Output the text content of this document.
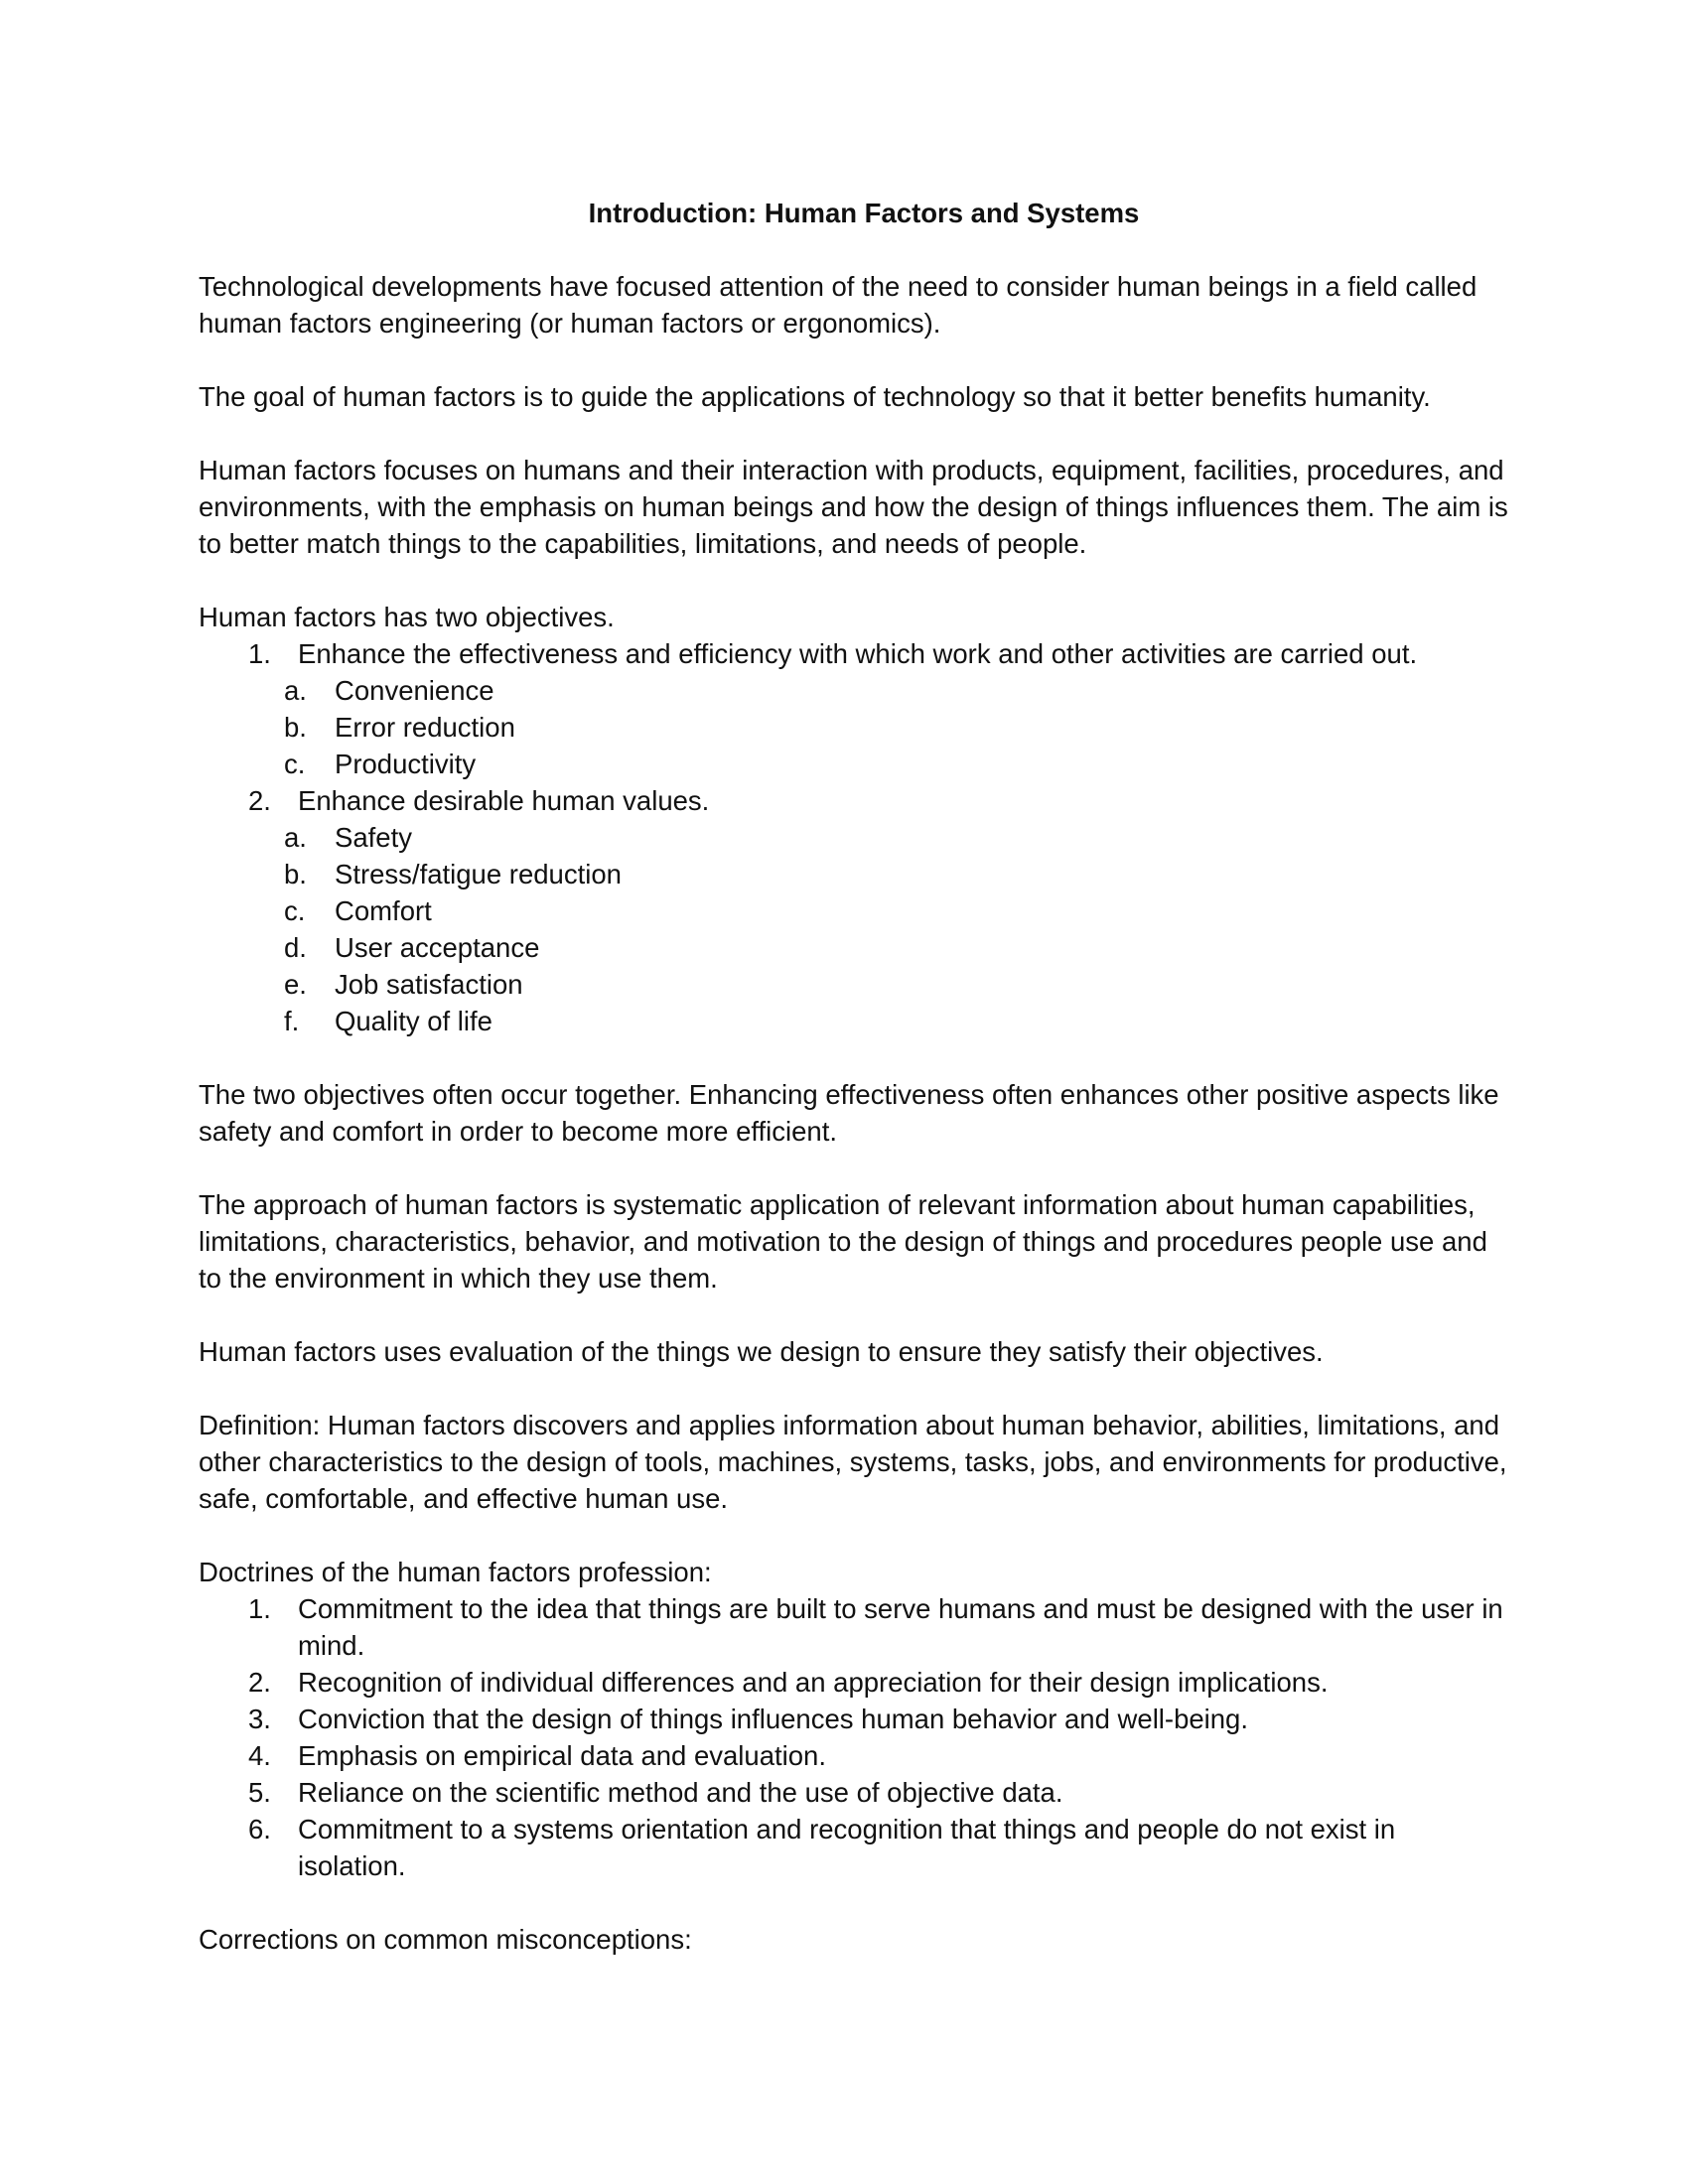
Introduction: Human Factors and Systems

Technological developments have focused attention of the need to consider human beings in a field called human factors engineering (or human factors or ergonomics).

The goal of human factors is to guide the applications of technology so that it better benefits humanity.

Human factors focuses on humans and their interaction with products, equipment, facilities, procedures, and environments, with the emphasis on human beings and how the design of things influences them. The aim is to better match things to the capabilities, limitations, and needs of people.

Human factors has two objectives.

1. Enhance the effectiveness and efficiency with which work and other activities are carried out.
a. Convenience
b. Error reduction
c. Productivity
2. Enhance desirable human values.
a. Safety
b. Stress/fatigue reduction
c. Comfort
d. User acceptance
e. Job satisfaction
f. Quality of life

The two objectives often occur together. Enhancing effectiveness often enhances other positive aspects like safety and comfort in order to become more efficient.

The approach of human factors is systematic application of relevant information about human capabilities, limitations, characteristics, behavior, and motivation to the design of things and procedures people use and to the environment in which they use them.

Human factors uses evaluation of the things we design to ensure they satisfy their objectives.

Definition: Human factors discovers and applies information about human behavior, abilities, limitations, and other characteristics to the design of tools, machines, systems, tasks, jobs, and environments for productive, safe, comfortable, and effective human use.

Doctrines of the human factors profession:

1. Commitment to the idea that things are built to serve humans and must be designed with the user in mind.
2. Recognition of individual differences and an appreciation for their design implications.
3. Conviction that the design of things influences human behavior and well-being.
4. Emphasis on empirical data and evaluation.
5. Reliance on the scientific method and the use of objective data.
6. Commitment to a systems orientation and recognition that things and people do not exist in isolation.

Corrections on common misconceptions:
